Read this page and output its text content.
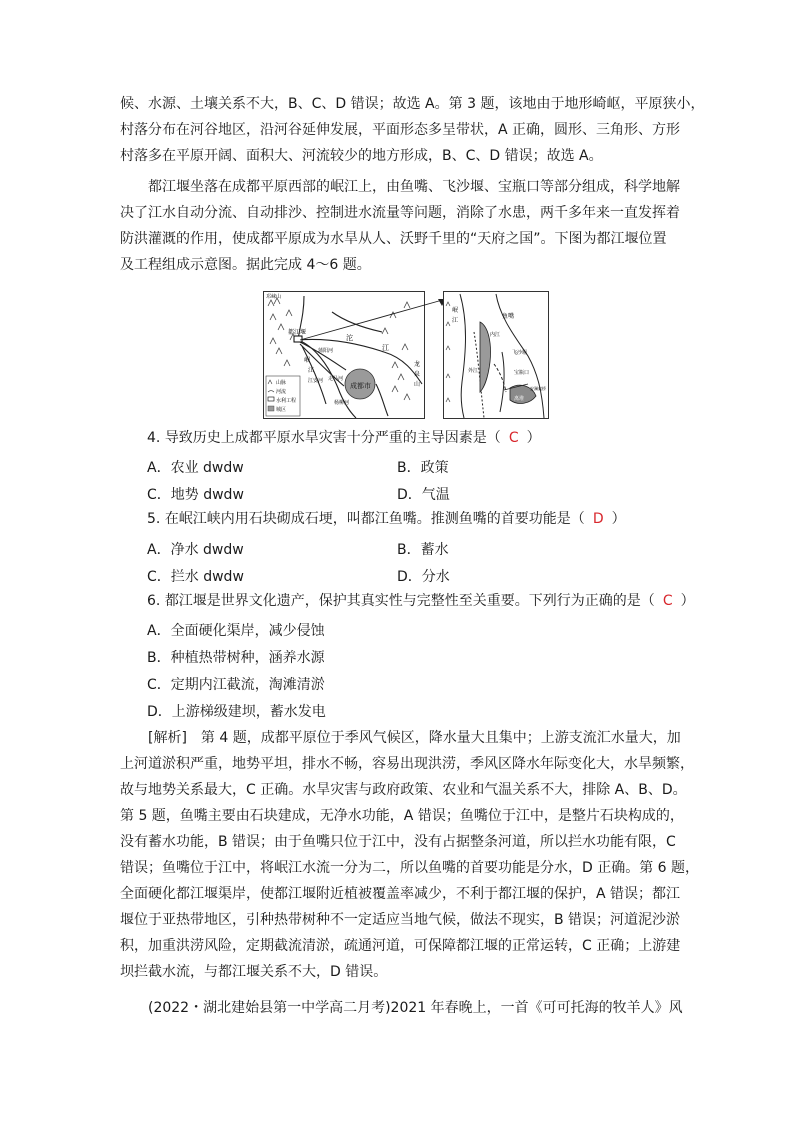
候、水源、土壤关系不大，B、C、D 错误；故选 A。第 3 题，该地由于地形崎岖，平原狭小，
村落分布在河谷地区，沿河谷延伸发展，平面形态多呈带状，A 正确，圆形、三角形、方形
村落多在平原开阔、面积大、河流较少的地方形成，B、C、D 错误；故选 A。
都江堰坐落在成都平原西部的岷江上，由鱼嘴、飞沙堰、宝瓶口等部分组成，科学地解
决了江水自动分流、自动排沙、控制进水流量等问题，消除了水患，两千多年来一直发挥着
防洪灌溉的作用，使成都平原成为水旱从人、沃野千里的“天府之国”。下图为都江堰位置
及工程组成示意图。据此完成 4～6 题。
成都市
都江堰
沱
江
蒲阳河
走马河
江安河
杨柳河
岷
江
邛崃山
龙
泉
山
山脉
河流
水利工程
城区
鱼嘴
飞沙堰
宝瓶口
离堆
安澜索桥
内江
外江
岷
江
4. 导致历史上成都平原水旱灾害十分严重的主导因素是（ C ）
A．农业 dwdw	B．政策
C．地势 dwdw	D．气温
5. 在岷江峡内用石块砌成石埂，叫都江鱼嘴。推测鱼嘴的首要功能是（ D ）
A．净水 dwdw	B．蓄水
C．拦水 dwdw	D．分水
6. 都江堰是世界文化遗产，保护其真实性与完整性至关重要。下列行为正确的是（ C ）
A．全面硬化渠岸，减少侵蚀
B．种植热带树种，涵养水源
C．定期内江截流，淘滩清淤
D．上游梯级建坝，蓄水发电
[解析]　第 4 题，成都平原位于季风气候区，降水量大且集中；上游支流汇水量大，加
上河道淤积严重，地势平坦，排水不畅，容易出现洪涝，季风区降水年际变化大，水旱频繁，
故与地势关系最大，C 正确。水旱灾害与政府政策、农业和气温关系不大，排除 A、B、D。
第 5 题，鱼嘴主要由石块建成，无净水功能，A 错误；鱼嘴位于江中，是整片石块构成的，
没有蓄水功能，B 错误；由于鱼嘴只位于江中，没有占据整条河道，所以拦水功能有限，C
错误；鱼嘴位于江中，将岷江水流一分为二，所以鱼嘴的首要功能是分水，D 正确。第 6 题，
全面硬化都江堰渠岸，使都江堰附近植被覆盖率减少，不利于都江堰的保护，A 错误；都江
堰位于亚热带地区，引种热带树种不一定适应当地气候，做法不现实，B 错误；河道泥沙淤
积，加重洪涝风险，定期截流清淤，疏通河道，可保障都江堰的正常运转，C 正确；上游建
坝拦截水流，与都江堰关系不大，D 错误。
(2022・湖北建始县第一中学高二月考)2021 年春晚上，一首《可可托海的牧羊人》风
